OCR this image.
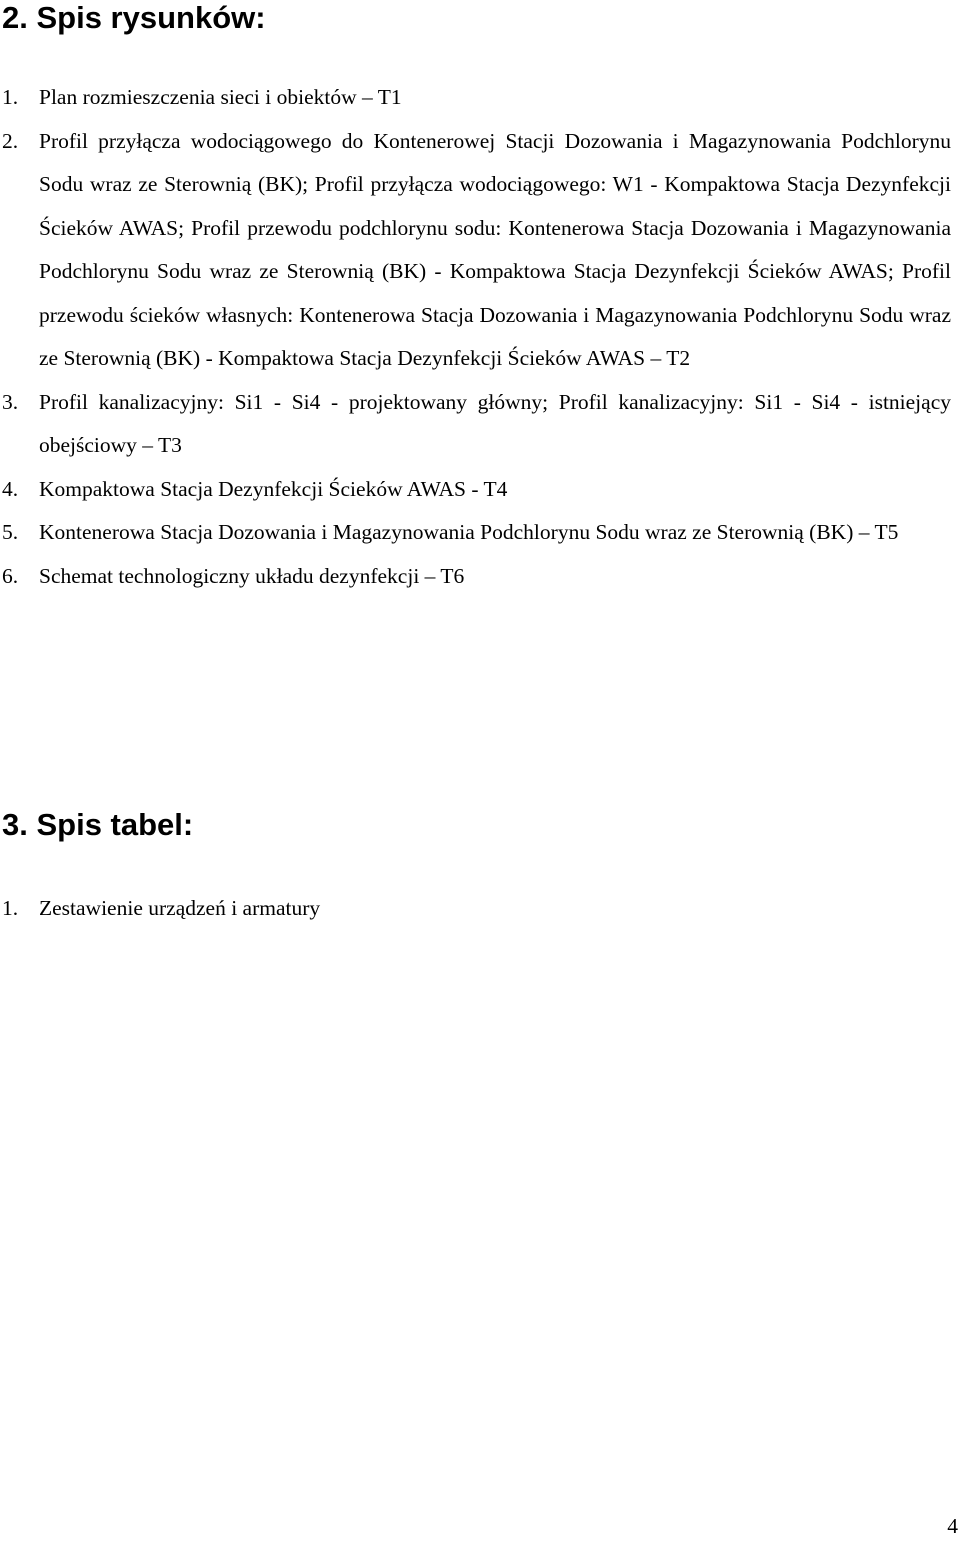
2. Spis rysunków:
1. Plan rozmieszczenia sieci i obiektów – T1
2. Profil przyłącza wodociągowego do Kontenerowej Stacji Dozowania i Magazynowania Podchlorynu Sodu wraz ze Sterownią (BK); Profil przyłącza wodociągowego: W1 - Kompaktowa Stacja Dezynfekcji Ścieków AWAS; Profil przewodu podchlorynu sodu: Kontenerowa Stacja Dozowania i Magazynowania Podchlorynu Sodu wraz ze Sterownią (BK) - Kompaktowa Stacja Dezynfekcji Ścieków AWAS; Profil przewodu ścieków własnych: Kontenerowa Stacja Dozowania i Magazynowania Podchlorynu Sodu wraz ze Sterownią (BK) - Kompaktowa Stacja Dezynfekcji Ścieków AWAS – T2
3. Profil kanalizacyjny: Si1 - Si4 - projektowany główny; Profil kanalizacyjny: Si1 - Si4 - istniejący obejściowy – T3
4. Kompaktowa Stacja Dezynfekcji Ścieków AWAS - T4
5. Kontenerowa Stacja Dozowania i Magazynowania Podchlorynu Sodu wraz ze Sterownią (BK) – T5
6. Schemat technologiczny układu dezynfekcji – T6
3. Spis tabel:
1. Zestawienie urządzeń i armatury

4
